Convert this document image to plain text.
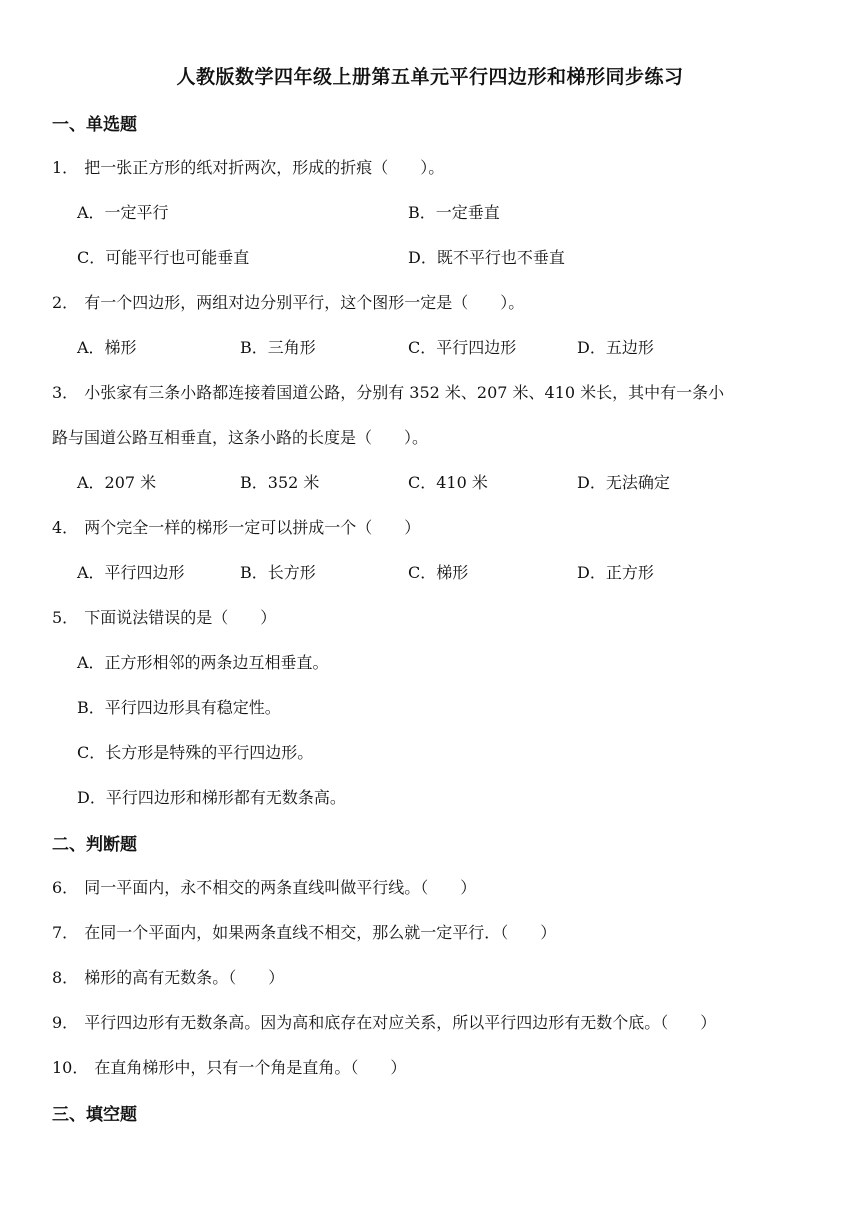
人教版数学四年级上册第五单元平行四边形和梯形同步练习
一、单选题
1． 把一张正方形的纸对折两次，形成的折痕（　　）。
A．一定平行	B．一定垂直
C．可能平行也可能垂直	D．既不平行也不垂直
2． 有一个四边形，两组对边分别平行，这个图形一定是（　　）。
A．梯形	B．三角形	C．平行四边形	D．五边形
3． 小张家有三条小路都连接着国道公路，分别有 352 米、207 米、410 米长，其中有一条小
路与国道公路互相垂直，这条小路的长度是（　　）。
A．207 米	B．352 米	C．410 米	D．无法确定
4． 两个完全一样的梯形一定可以拼成一个（　　）
A．平行四边形	B．长方形	C．梯形	D．正方形
5． 下面说法错误的是（　　）
A．正方形相邻的两条边互相垂直。
B．平行四边形具有稳定性。
C．长方形是特殊的平行四边形。
D．平行四边形和梯形都有无数条高。
二、判断题
6． 同一平面内，永不相交的两条直线叫做平行线。（　　）
7． 在同一个平面内，如果两条直线不相交，那么就一定平行．（　　）
8． 梯形的高有无数条。（　　）
9． 平行四边形有无数条高。因为高和底存在对应关系，所以平行四边形有无数个底。（　　）
10． 在直角梯形中，只有一个角是直角。（　　）
三、填空题
